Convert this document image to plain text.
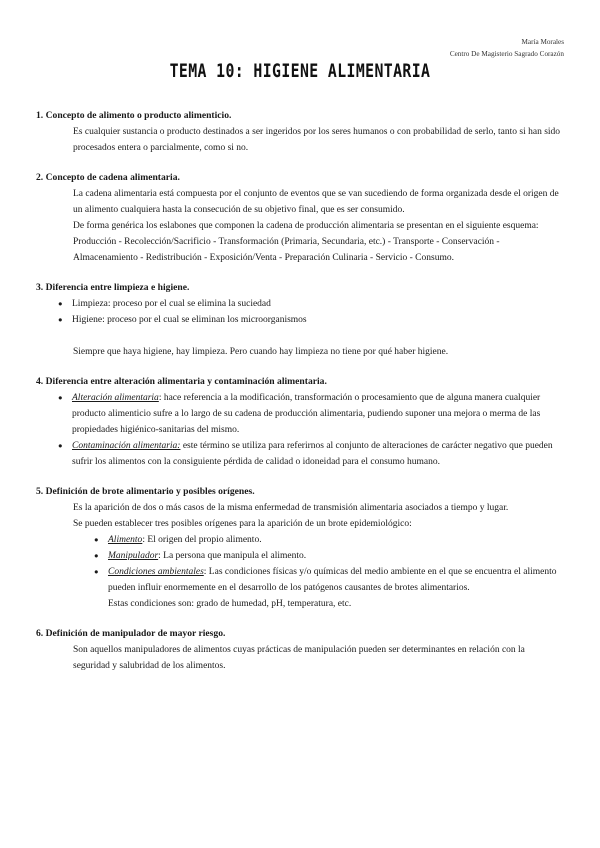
María Morales
Centro De Magisterio Sagrado Corazón
TEMA 10: HIGIENE ALIMENTARIA
1. Concepto de alimento o producto alimenticio.

Es cualquier sustancia o producto destinados a ser ingeridos por los seres humanos o con probabilidad de serlo, tanto si han sido procesados entera o parcialmente, como si no.

2. Concepto de cadena alimentaria.

La cadena alimentaria está compuesta por el conjunto de eventos que se van sucediendo de forma organizada desde el origen de un alimento cualquiera hasta la consecución de su objetivo final, que es ser consumido.

De forma genérica los eslabones que componen la cadena de producción alimentaria se presentan en el siguiente esquema:

Producción - Recolección/Sacrificio - Transformación (Primaria, Secundaria, etc.) - Transporte - Conservación - Almacenamiento - Redistribución - Exposición/Venta - Preparación Culinaria - Servicio - Consumo.

3. Diferencia entre limpieza e higiene.
● Limpieza: proceso por el cual se elimina la suciedad
● Higiene: proceso por el cual se eliminan los microorganismos

Siempre que haya higiene, hay limpieza. Pero cuando hay limpieza no tiene por qué haber higiene.

4. Diferencia entre alteración alimentaria y contaminación alimentaria.
● Alteración alimentaria: hace referencia a la modificación, transformación o procesamiento que de alguna manera cualquier producto alimenticio sufre a lo largo de su cadena de producción alimentaria, pudiendo suponer una mejora o merma de las propiedades higiénico-sanitarias del mismo.
● Contaminación alimentaria: este término se utiliza para referirnos al conjunto de alteraciones de carácter negativo que pueden sufrir los alimentos con la consiguiente pérdida de calidad o idoneidad para el consumo humano.
5. Definición de brote alimentario y posibles orígenes.

Es la aparición de dos o más casos de la misma enfermedad de transmisión alimentaria asociados a tiempo y lugar.

Se pueden establecer tres posibles orígenes para la aparición de un brote epidemiológico:

● Alimento: El origen del propio alimento.
● Manipulador: La persona que manipula el alimento.
● Condiciones ambientales: Las condiciones físicas y/o químicas del medio ambiente en el que se encuentra el alimento pueden influir enormemente en el desarrollo de los patógenos causantes de brotes alimentarios.
Estas condiciones son: grado de humedad, pH, temperatura, etc.
6. Definición de manipulador de mayor riesgo.

Son aquellos manipuladores de alimentos cuyas prácticas de manipulación pueden ser determinantes en relación con la seguridad y salubridad de los alimentos.
